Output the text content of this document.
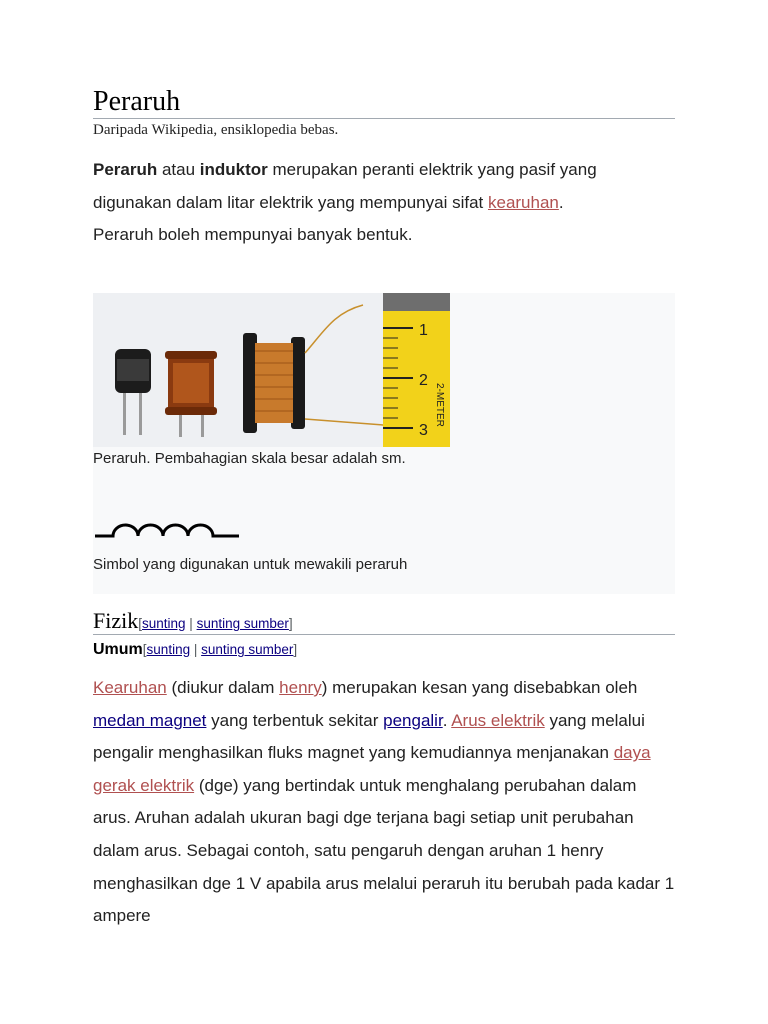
Peraruh
Daripada Wikipedia, ensiklopedia bebas.
Peraruh atau induktor merupakan peranti elektrik yang pasif yang digunakan dalam litar elektrik yang mempunyai sifat kearuhan.
Peraruh boleh mempunyai banyak bentuk.
1
2
3
2-METER
Peraruh. Pembahagian skala besar adalah sm.
Simbol yang digunakan untuk mewakili peraruh
Fizik[sunting | sunting sumber]
Umum[sunting | sunting sumber]
Kearuhan (diukur dalam henry) merupakan kesan yang disebabkan oleh medan magnet yang terbentuk sekitar pengalir. Arus elektrik yang melalui pengalir menghasilkan fluks magnet yang kemudiannya menjanakan daya gerak elektrik (dge) yang bertindak untuk menghalang perubahan dalam arus. Aruhan adalah ukuran bagi dge terjana bagi setiap unit perubahan dalam arus. Sebagai contoh, satu pengaruh dengan aruhan 1 henry menghasilkan dge 1 V apabila arus melalui peraruh itu berubah pada kadar 1 ampere
